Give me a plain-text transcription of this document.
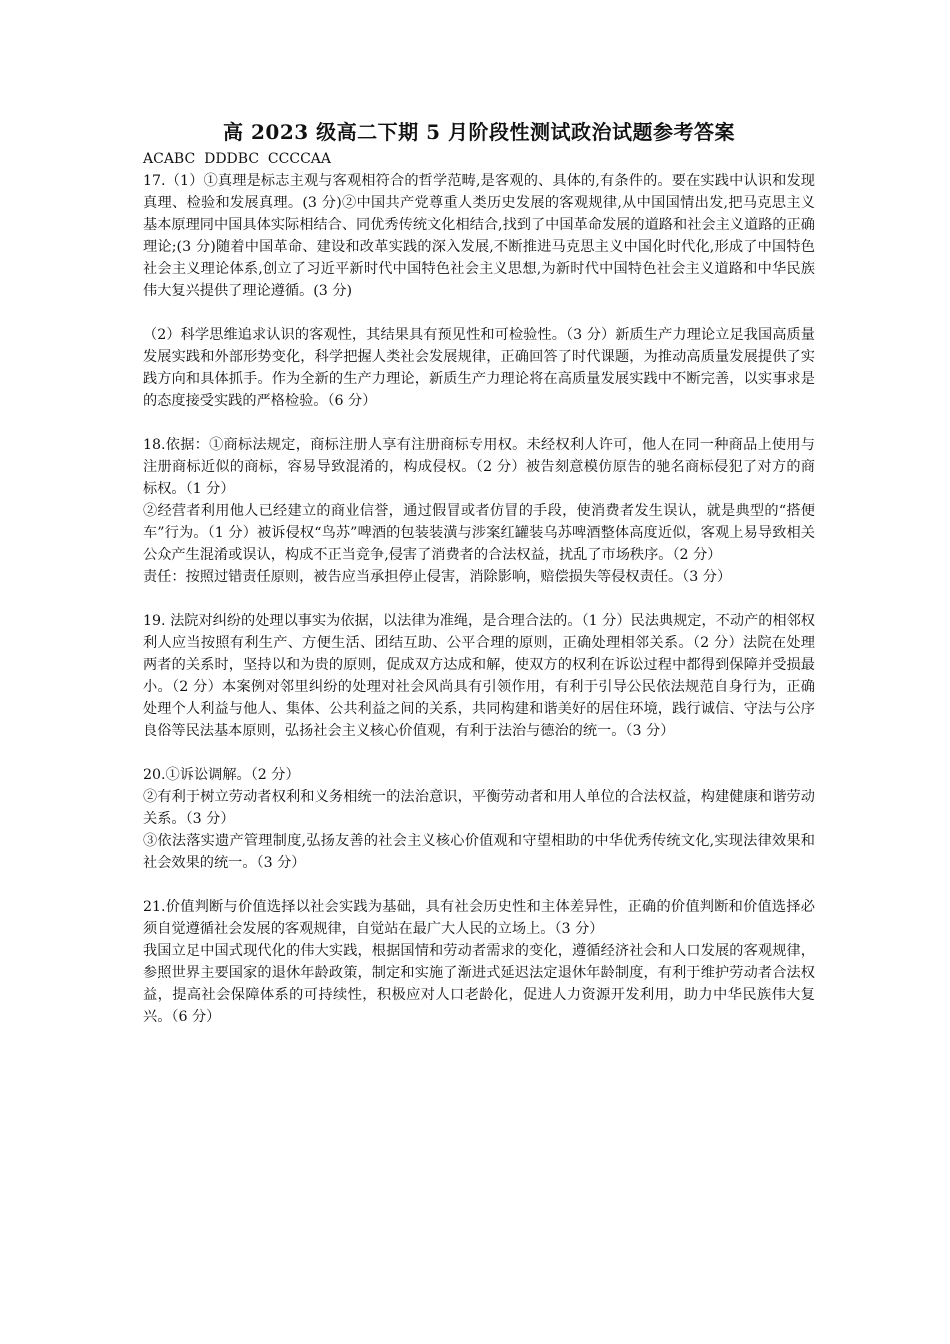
高 2023 级高二下期 5 月阶段性测试政治试题参考答案

ACABC  DDDBC  CCCCAA

17.（1）①真理是标志主观与客观相符合的哲学范畴,是客观的、具体的,有条件的。要在实践中认识和发现真理、检验和发展真理。(3 分)②中国共产党尊重人类历史发展的客观规律,从中国国情出发,把马克思主义基本原理同中国具体实际相结合、同优秀传统文化相结合,找到了中国革命发展的道路和社会主义道路的正确理论;(3 分)随着中国革命、建设和改革实践的深入发展,不断推进马克思主义中国化时代化,形成了中国特色社会主义理论体系,创立了习近平新时代中国特色社会主义思想,为新时代中国特色社会主义道路和中华民族伟大复兴提供了理论遵循。(3 分)

（2）科学思维追求认识的客观性，其结果具有预见性和可检验性。（3 分）新质生产力理论立足我国高质量发展实践和外部形势变化，科学把握人类社会发展规律，正确回答了时代课题，为推动高质量发展提供了实践方向和具体抓手。作为全新的生产力理论，新质生产力理论将在高质量发展实践中不断完善，以实事求是的态度接受实践的严格检验。（6 分）

18.依据：①商标法规定，商标注册人享有注册商标专用权。未经权利人许可，他人在同一种商品上使用与注册商标近似的商标，容易导致混淆的，构成侵权。（2 分）被告刻意模仿原告的驰名商标侵犯了对方的商标权。（1 分）

②经营者利用他人已经建立的商业信誉，通过假冒或者仿冒的手段，使消费者发生误认，就是典型的“搭便车”行为。（1 分）被诉侵权“鸟苏”啤酒的包装装潢与涉案红罐装乌苏啤酒整体高度近似，客观上易导致相关公众产生混淆或误认，构成不正当竞争,侵害了消费者的合法权益，扰乱了市场秩序。（2 分）

责任：按照过错责任原则，被告应当承担停止侵害，消除影响，赔偿损失等侵权责任。（3 分）

19. 法院对纠纷的处理以事实为依据，以法律为准绳，是合理合法的。（1 分）民法典规定，不动产的相邻权利人应当按照有利生产、方便生活、团结互助、公平合理的原则，正确处理相邻关系。（2 分）法院在处理两者的关系时，坚持以和为贵的原则，促成双方达成和解，使双方的权利在诉讼过程中都得到保障并受损最小。（2 分）本案例对邻里纠纷的处理对社会风尚具有引领作用，有利于引导公民依法规范自身行为，正确处理个人利益与他人、集体、公共利益之间的关系，共同构建和谐美好的居住环境，践行诚信、守法与公序良俗等民法基本原则，弘扬社会主义核心价值观，有利于法治与德治的统一。（3 分）

20.①诉讼调解。（2 分）

②有利于树立劳动者权利和义务相统一的法治意识，平衡劳动者和用人单位的合法权益，构建健康和谐劳动关系。（3 分）

③依法落实遗产管理制度,弘扬友善的社会主义核心价值观和守望相助的中华优秀传统文化,实现法律效果和社会效果的统一。（3 分）

21.价值判断与价值选择以社会实践为基础，具有社会历史性和主体差异性，正确的价值判断和价值选择必须自觉遵循社会发展的客观规律，自觉站在最广大人民的立场上。（3 分）

我国立足中国式现代化的伟大实践，根据国情和劳动者需求的变化，遵循经济社会和人口发展的客观规律，参照世界主要国家的退休年龄政策，制定和实施了渐进式延迟法定退休年龄制度，有利于维护劳动者合法权益，提高社会保障体系的可持续性，积极应对人口老龄化，促进人力资源开发利用，助力中华民族伟大复兴。（6 分）
